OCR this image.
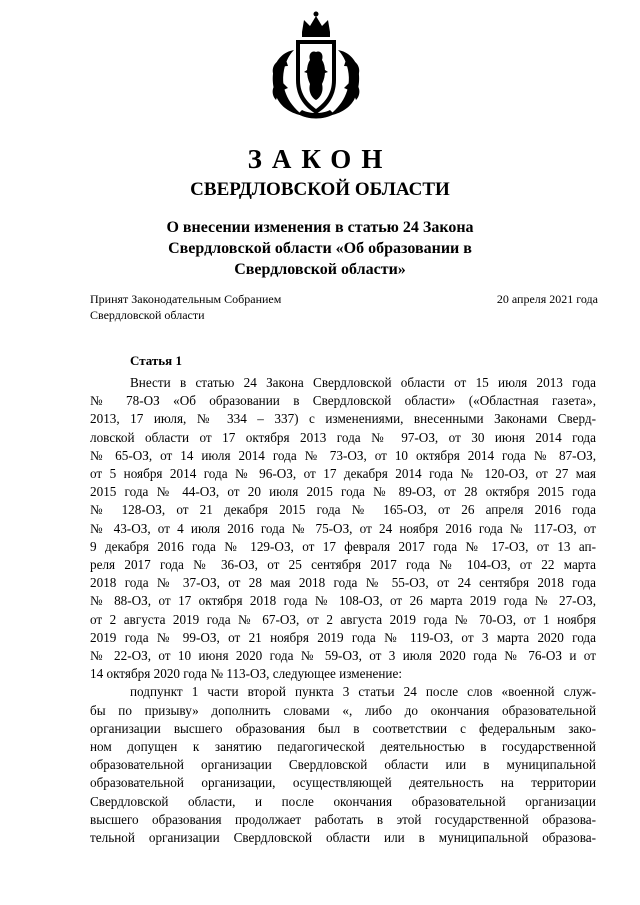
ЗАКОН
СВЕРДЛОВСКОЙ ОБЛАСТИ
О внесении изменения в статью 24 Закона
Свердловской области «Об образовании в
Свердловской области»
Принят Законодательным Собранием
Свердловской области
20 апреля 2021 года
Статья 1
Внести в статью 24 Закона Свердловской области от 15 июля 2013 года
№ 78-ОЗ «Об образовании в Свердловской области» («Областная газета»,
2013, 17 июля, № 334 – 337) с изменениями, внесенными Законами Сверд-
ловской области от 17 октября 2013 года № 97-ОЗ, от 30 июня 2014 года
№ 65-ОЗ, от 14 июля 2014 года № 73-ОЗ, от 10 октября 2014 года № 87-ОЗ,
от 5 ноября 2014 года № 96-ОЗ, от 17 декабря 2014 года № 120-ОЗ, от 27 мая
2015 года № 44-ОЗ, от 20 июля 2015 года № 89-ОЗ, от 28 октября 2015 года
№ 128-ОЗ, от 21 декабря 2015 года № 165-ОЗ, от 26 апреля 2016 года
№ 43-ОЗ, от 4 июля 2016 года № 75-ОЗ, от 24 ноября 2016 года № 117-ОЗ, от
9 декабря 2016 года № 129-ОЗ, от 17 февраля 2017 года № 17-ОЗ, от 13 ап-
реля 2017 года № 36-ОЗ, от 25 сентября 2017 года № 104-ОЗ, от 22 марта
2018 года № 37-ОЗ, от 28 мая 2018 года № 55-ОЗ, от 24 сентября 2018 года
№ 88-ОЗ, от 17 октября 2018 года № 108-ОЗ, от 26 марта 2019 года № 27-ОЗ,
от 2 августа 2019 года № 67-ОЗ, от 2 августа 2019 года № 70-ОЗ, от 1 ноября
2019 года № 99-ОЗ, от 21 ноября 2019 года № 119-ОЗ, от 3 марта 2020 года
№ 22-ОЗ, от 10 июня 2020 года № 59-ОЗ, от 3 июля 2020 года № 76-ОЗ и от
14 октября 2020 года № 113-ОЗ, следующее изменение:
подпункт 1 части второй пункта 3 статьи 24 после слов «военной служ-
бы по призыву» дополнить словами «, либо до окончания образовательной
организации высшего образования был в соответствии с федеральным зако-
ном допущен к занятию педагогической деятельностью в государственной
образовательной организации Свердловской области или в муниципальной
образовательной организации, осуществляющей деятельность на территории
Свердловской области, и после окончания образовательной организации
высшего образования продолжает работать в этой государственной образова-
тельной организации Свердловской области или в муниципальной образова-
